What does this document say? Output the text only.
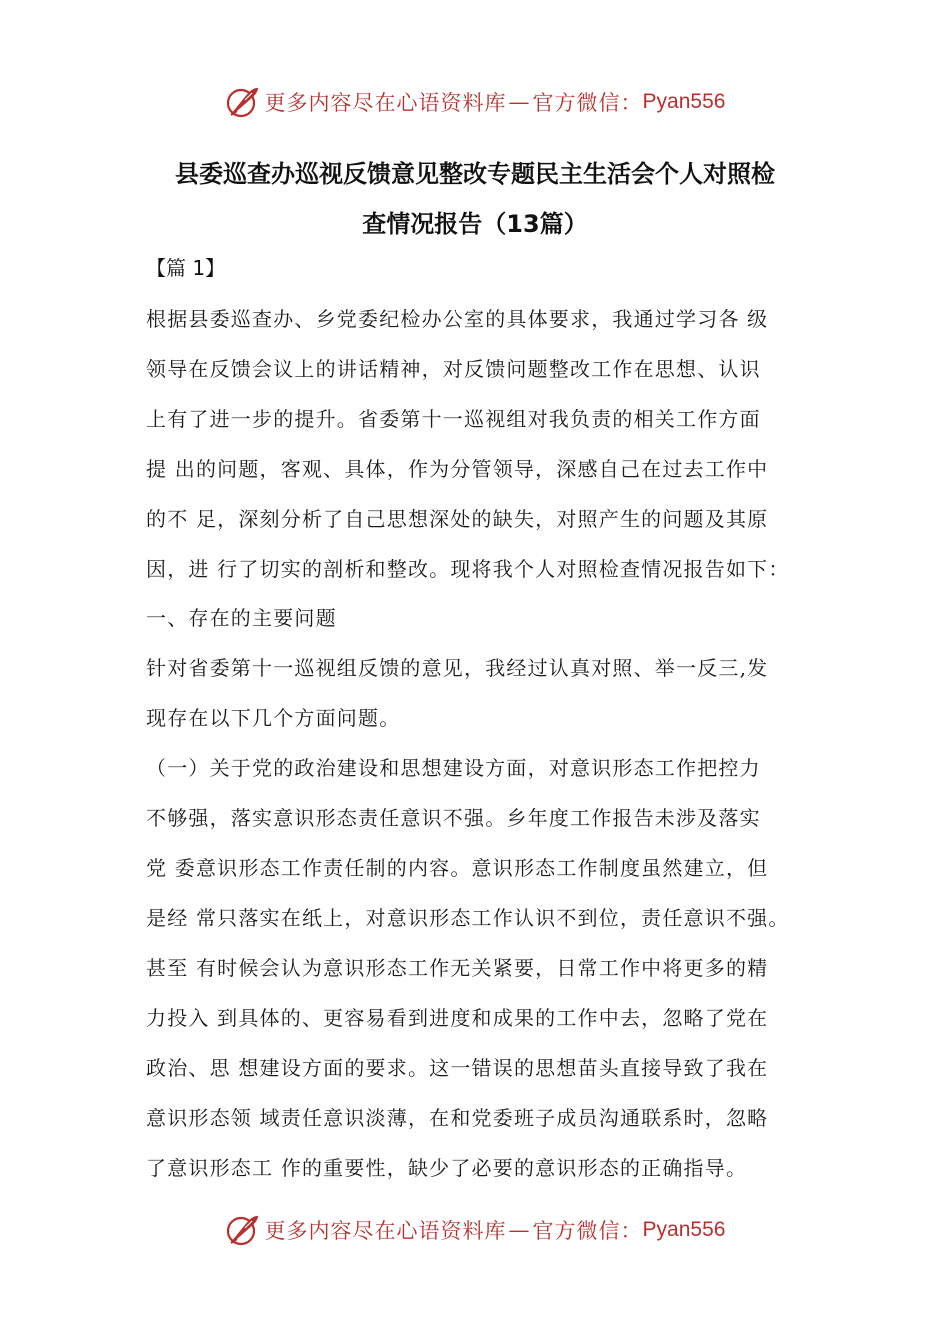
更多内容尽在心语资料库 — 官方微信： Pyan556
县委巡查办巡视反馈意见整改专题民主生活会个人对照检
查情况报告（13篇）
【篇 1】
根据县委巡查办、乡党委纪检办公室的具体要求，我通过学习各 级
领导在反馈会议上的讲话精神，对反馈问题整改工作在思想、认识
上有了进一步的提升。省委第十一巡视组对我负责的相关工作方面
提 出的问题，客观、具体，作为分管领导，深感自己在过去工作中
的不 足，深刻分析了自己思想深处的缺失，对照产生的问题及其原
因，进 行了切实的剖析和整改。现将我个人对照检查情况报告如下：
一、存在的主要问题
针对省委第十一巡视组反馈的意见，我经过认真对照、举一反三,发
现存在以下几个方面问题。
（一）关于党的政治建设和思想建设方面，对意识形态工作把控力
不够强，落实意识形态责任意识不强。乡年度工作报告未涉及落实
党 委意识形态工作责任制的内容。意识形态工作制度虽然建立，但
是经 常只落实在纸上，对意识形态工作认识不到位，责任意识不强。
甚至 有时候会认为意识形态工作无关紧要，日常工作中将更多的精
力投入 到具体的、更容易看到进度和成果的工作中去，忽略了党在
政治、思 想建设方面的要求。这一错误的思想苗头直接导致了我在
意识形态领 域责任意识淡薄，在和党委班子成员沟通联系时，忽略
了意识形态工 作的重要性，缺少了必要的意识形态的正确指导。
更多内容尽在心语资料库 — 官方微信： Pyan556
